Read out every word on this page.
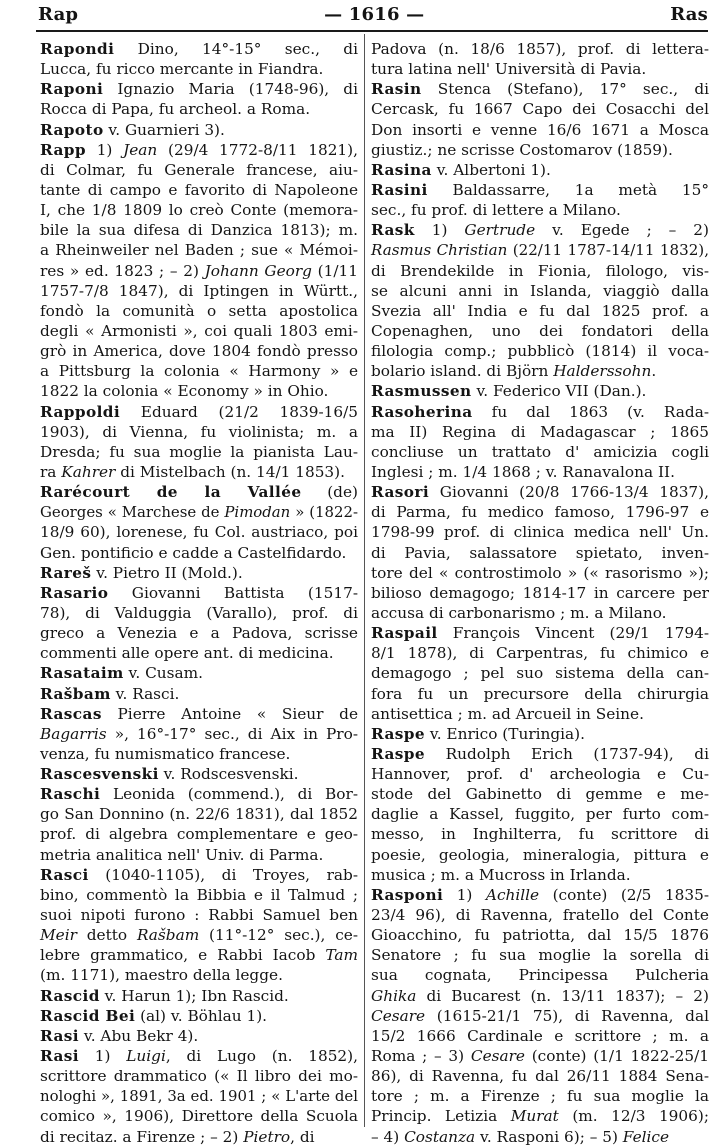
Rap	— 1616 —	Ras
Rapondi Dino, 14°-15° sec., di
Lucca, fu ricco mercante in Fiandra.
Raponi Ignazio Maria (1748-96), di
Rocca di Papa, fu archeol. a Roma.
Rapoto v. Guarnieri 3).
Rapp 1) Jean (29/4 1772-8/11 1821),
di Colmar, fu Generale francese, aiu-
tante di campo e favorito di Napoleone
I, che 1/8 1809 lo creò Conte (memora-
bile la sua difesa di Danzica 1813); m.
a Rheinweiler nel Baden ; sue « Mémoi-
res » ed. 1823 ; – 2) Johann Georg (1/11
1757-7/8 1847), di Iptingen in Württ.,
fondò la comunità o setta apostolica
degli « Armonisti », coi quali 1803 emi-
grò in America, dove 1804 fondò presso
a Pittsburg la colonia « Harmony » e
1822 la colonia « Economy » in Ohio.
Rappoldi Eduard (21/2 1839-16/5
1903), di Vienna, fu violinista; m. a
Dresda; fu sua moglie la pianista Lau-
ra Kahrer di Mistelbach (n. 14/1 1853).
Rarécourt de la Vallée (de)
Georges « Marchese de Pimodan » (1822-
18/9 60), lorenese, fu Col. austriaco, poi
Gen. pontificio e cadde a Castelfidardo.
Rareš v. Pietro II (Mold.).
Rasario Giovanni Battista (1517-
78), di Valduggia (Varallo), prof. di
greco a Venezia e a Padova, scrisse
commenti alle opere ant. di medicina.
Rasataim v. Cusam.
Rašbam v. Rasci.
Rascas Pierre Antoine « Sieur de
Bagarris », 16°-17° sec., di Aix in Pro-
venza, fu numismatico francese.
Rascesvenski v. Rodscesvenski.
Raschi Leonida (commend.), di Bor-
go San Donnino (n. 22/6 1831), dal 1852
prof. di algebra complementare e geo-
metria analitica nell' Univ. di Parma.
Rasci (1040-1105), di Troyes, rab-
bino, commentò la Bibbia e il Talmud ;
suoi nipoti furono : Rabbi Samuel ben
Meir detto Rašbam (11°-12° sec.), ce-
lebre grammatico, e Rabbi Iacob Tam
(m. 1171), maestro della legge.
Rascid v. Harun 1); Ibn Rascid.
Rascid Bei (al) v. Böhlau 1).
Rasi v. Abu Bekr 4).
Rasi 1) Luigi, di Lugo (n. 1852),
scrittore drammatico (« Il libro dei mo-
nologhi », 1891, 3a ed. 1901 ; « L'arte del
comico », 1906), Direttore della Scuola
di recitaz. a Firenze ; – 2) Pietro, di
Padova (n. 18/6 1857), prof. di lettera-
tura latina nell' Università di Pavia.
Rasin Stenca (Stefano), 17° sec., di
Cercask, fu 1667 Capo dei Cosacchi del
Don insorti e venne 16/6 1671 a Mosca
giustiz.; ne scrisse Costomarov (1859).
Rasina v. Albertoni 1).
Rasini Baldassarre, 1a metà 15°
sec., fu prof. di lettere a Milano.
Rask 1) Gertrude v. Egede ; – 2)
Rasmus Christian (22/11 1787-14/11 1832),
di Brendekilde in Fionia, filologo, vis-
se alcuni anni in Islanda, viaggiò dalla
Svezia all' India e fu dal 1825 prof. a
Copenaghen, uno dei fondatori della
filologia comp.; pubblicò (1814) il voca-
bolario island. di Björn Halderssohn.
Rasmussen v. Federico VII (Dan.).
Rasoherina fu dal 1863 (v. Rada-
ma II) Regina di Madagascar ; 1865
concliuse un trattato d' amicizia cogli
Inglesi ; m. 1/4 1868 ; v. Ranavalona II.
Rasori Giovanni (20/8 1766-13/4 1837),
di Parma, fu medico famoso, 1796-97 e
1798-99 prof. di clinica medica nell' Un.
di Pavia, salassatore spietato, inven-
tore del « controstimolo » (« rasorismo »);
bilioso demagogo; 1814-17 in carcere per
accusa di carbonarismo ; m. a Milano.
Raspail François Vincent (29/1 1794-
8/1 1878), di Carpentras, fu chimico e
demagogo ; pel suo sistema della can-
fora fu un precursore della chirurgia
antisettica ; m. ad Arcueil in Seine.
Raspe v. Enrico (Turingia).
Raspe Rudolph Erich (1737-94), di
Hannover, prof. d' archeologia e Cu-
stode del Gabinetto di gemme e me-
daglie a Kassel, fuggito, per furto com-
messo, in Inghilterra, fu scrittore di
poesie, geologia, mineralogia, pittura e
musica ; m. a Mucross in Irlanda.
Rasponi 1) Achille (conte) (2/5 1835-
23/4 96), di Ravenna, fratello del Conte
Gioacchino, fu patriotta, dal 15/5 1876
Senatore ; fu sua moglie la sorella di
sua cognata, Principessa Pulcheria
Ghika di Bucarest (n. 13/11 1837); – 2)
Cesare (1615-21/1 75), di Ravenna, dal
15/2 1666 Cardinale e scrittore ; m. a
Roma ; – 3) Cesare (conte) (1/1 1822-25/1
86), di Ravenna, fu dal 26/11 1884 Sena-
tore ; m. a Firenze ; fu sua moglie la
Princip. Letizia Murat (m. 12/3 1906);
– 4) Costanza v. Rasponi 6); – 5) Felice
